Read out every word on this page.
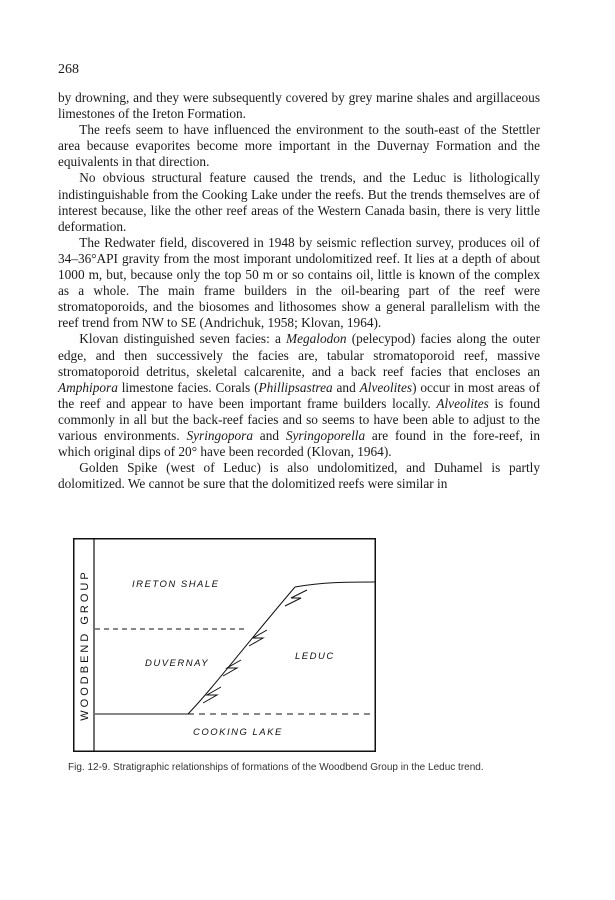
268

by drowning, and they were subsequently covered by grey marine shales and argillaceous limestones of the Ireton Formation.

The reefs seem to have influenced the environment to the south-east of the Stettler area because evaporites become more important in the Duvernay Formation and the equivalents in that direction.

No obvious structural feature caused the trends, and the Leduc is lithologically indistinguishable from the Cooking Lake under the reefs. But the trends themselves are of interest because, like the other reef areas of the Western Canada basin, there is very little deformation.

The Redwater field, discovered in 1948 by seismic reflection survey, produces oil of 34–36°API gravity from the most imporant undolomitized reef. It lies at a depth of about 1000 m, but, because only the top 50 m or so contains oil, little is known of the complex as a whole. The main frame builders in the oil-bearing part of the reef were stromatoporoids, and the biosomes and lithosomes show a general parallelism with the reef trend from NW to SE (Andrichuk, 1958; Klovan, 1964).

Klovan distinguished seven facies: a Megalodon (pelecypod) facies along the outer edge, and then successively the facies are, tabular stromatoporoid reef, massive stromatoporoid detritus, skeletal calcarenite, and a back reef facies that encloses an Amphipora limestone facies. Corals (Phillipsastrea and Alveolites) occur in most areas of the reef and appear to have been important frame builders locally. Alveolites is found commonly in all but the back-reef facies and so seems to have been able to adjust to the various environments. Syringopora and Syringoporella are found in the fore-reef, in which original dips of 20° have been recorded (Klovan, 1964).

Golden Spike (west of Leduc) is also undolomitized, and Duhamel is partly dolomitized. We cannot be sure that the dolomitized reefs were similar in

WOODBEND GROUP	IRETON SHALE
LEDUC
DUVERNAY
COOKING LAKE
Fig. 12-9. Stratigraphic relationships of formations of the Woodbend Group in the Leduc trend.
